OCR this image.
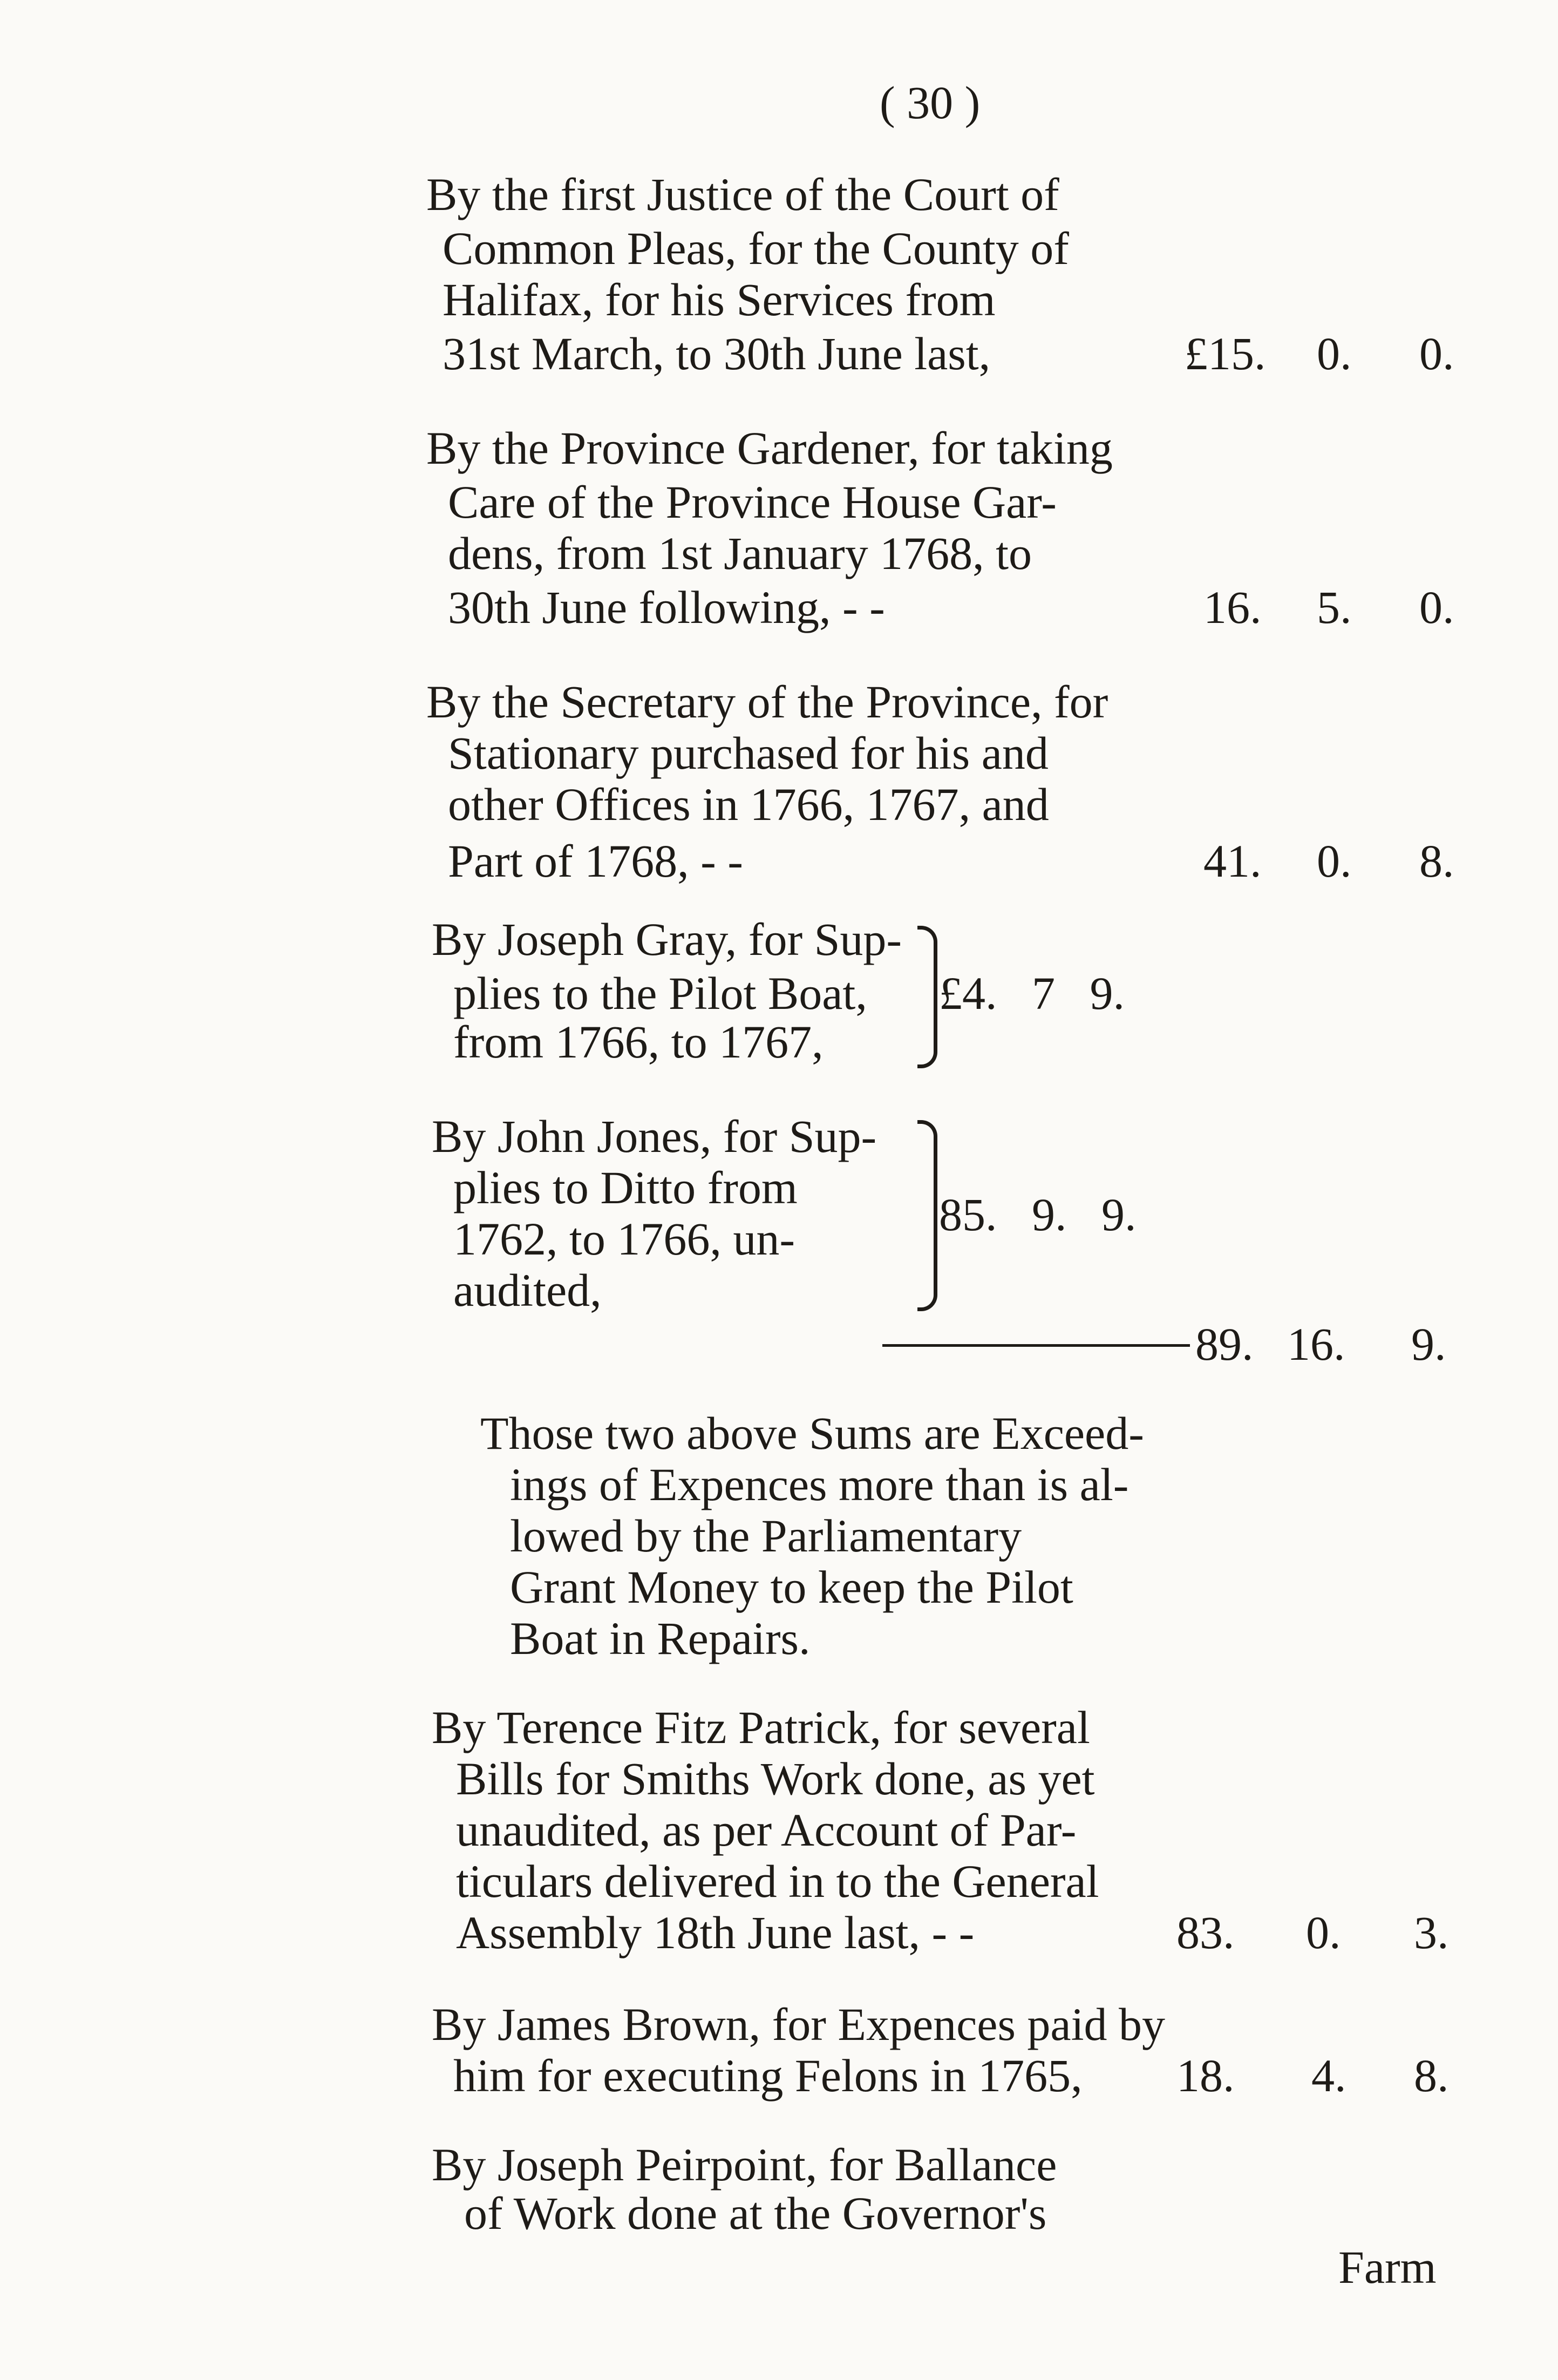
( 30 )
By the first Justice of the Court of
Common Pleas, for the County of
Halifax, for his Services from
31st March, to 30th June last,	£15. 0. 0.
By the Province Gardener, for taking
Care of the Province House Gar-
dens, from 1st January 1768, to
30th June following, - -	16. 5. 0.
By the Secretary of the Province, for
Stationary purchased for his and
other Offices in 1766, 1767, and
Part of 1768, - -	41. 0. 8.
By Joseph Gray, for Sup-
plies to the Pilot Boat,
from 1766, to 1767,
£4.   7   9.
By John Jones, for Sup-
plies to Ditto from
1762, to 1766, un-
audited,
85.   9.   9.
89. 16. 9.
Those two above Sums are Exceed-
ings of Expences more than is al-
lowed by the Parliamentary
Grant Money to keep the Pilot
Boat in Repairs.
By Terence Fitz Patrick, for several
Bills for Smiths Work done, as yet
unaudited, as per Account of Par-
ticulars delivered in to the General
Assembly 18th June last, - -	83. 0. 3.
By James Brown, for Expences paid by
him for executing Felons in 1765, 18. 4. 8.
By Joseph Peirpoint, for Ballance
of Work done at the Governor's
Farm
